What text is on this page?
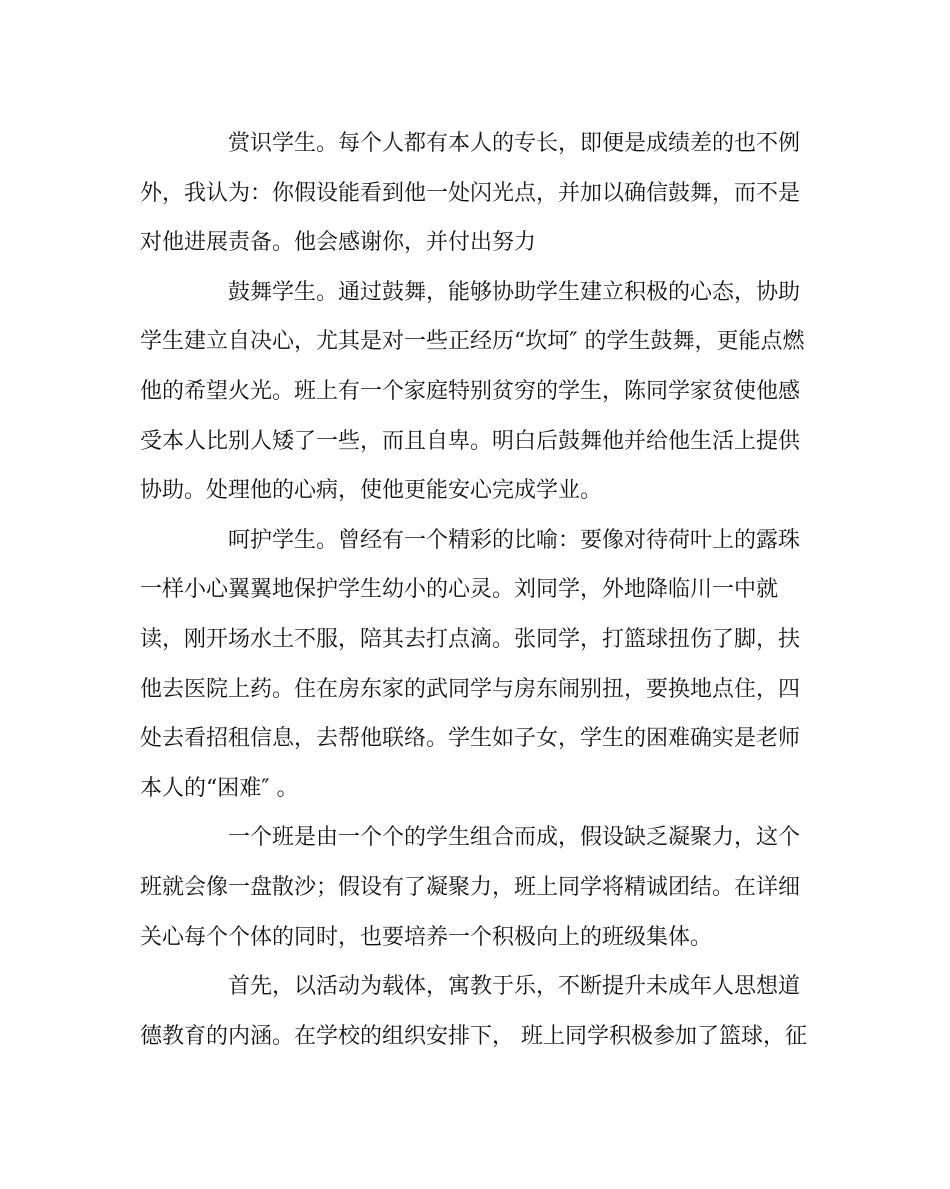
赏识学生。每个人都有本人的专长，即便是成绩差的也不例
外，我认为：你假设能看到他一处闪光点，并加以确信鼓舞，而不是
对他进展责备。他会感谢你，并付出努力
鼓舞学生。通过鼓舞，能够协助学生建立积极的心态，协助
学生建立自决心，尤其是对一些正经历“坎坷″ 的学生鼓舞，更能点燃
他的希望火光。班上有一个家庭特别贫穷的学生，陈同学家贫使他感
受本人比别人矮了一些，而且自卑。明白后鼓舞他并给他生活上提供
协助。处理他的心病，使他更能安心完成学业。
呵护学生。曾经有一个精彩的比喻：要像对待荷叶上的露珠
一样小心翼翼地保护学生幼小的心灵。刘同学，外地降临川一中就
读，刚开场水土不服，陪其去打点滴。张同学，打篮球扭伤了脚，扶
他去医院上药。住在房东家的武同学与房东闹别扭，要换地点住，四
处去看招租信息，去帮他联络。学生如子女，学生的困难确实是老师
本人的“困难″ 。
一个班是由一个个的学生组合而成，假设缺乏凝聚力，这个
班就会像一盘散沙；假设有了凝聚力，班上同学将精诚团结。在详细
关心每个个体的同时，也要培养一个积极向上的班级集体。
首先，以活动为载体，寓教于乐，不断提升未成年人思想道
德教育的内涵。在学校的组织安排下， 班上同学积极参加了篮球，征
